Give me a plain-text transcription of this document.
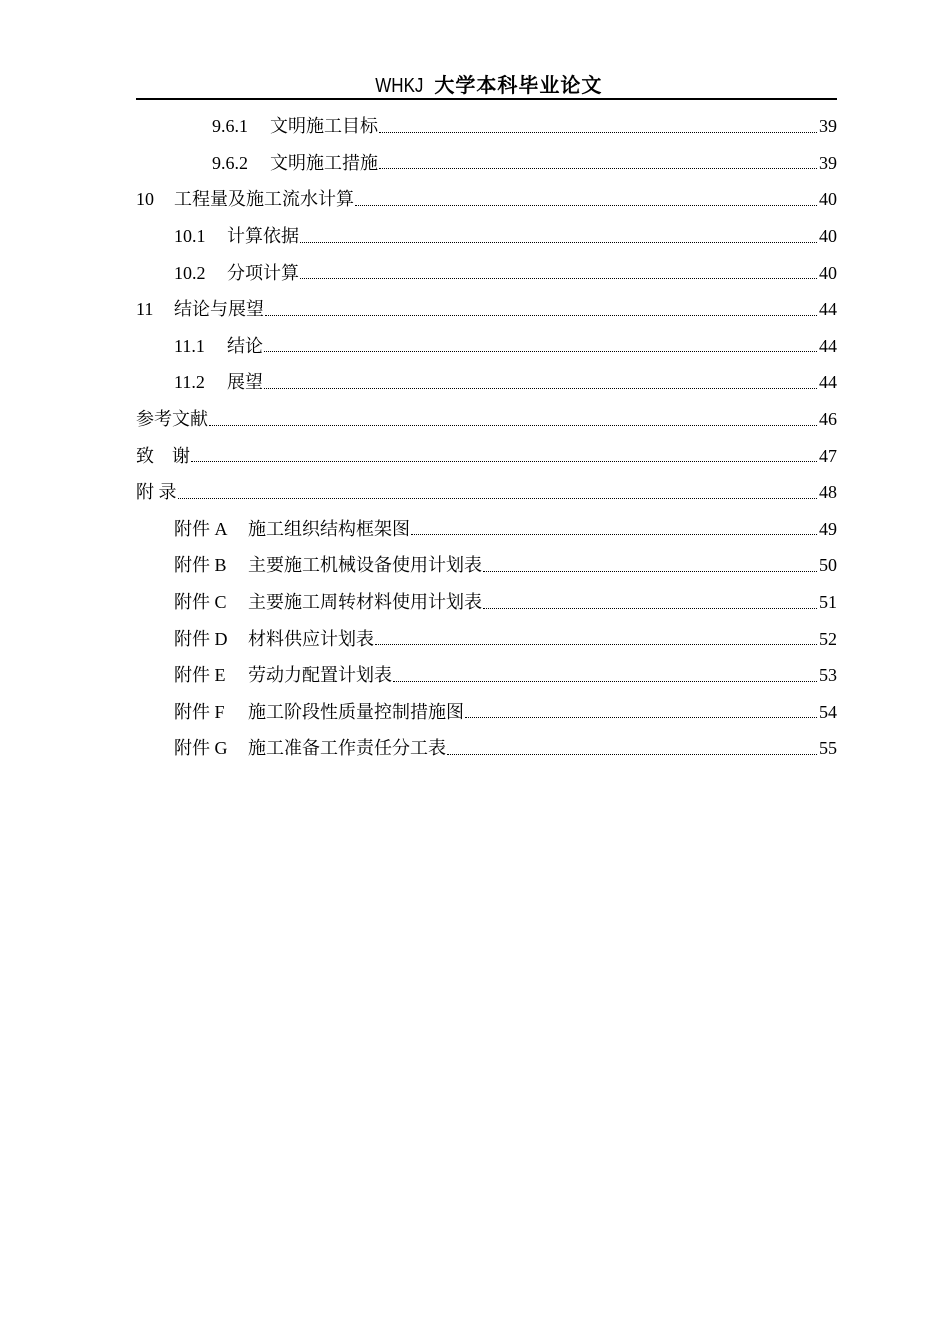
WHKJ 大学本科毕业论文
9.6.1	文明施工目标	39
9.6.2	文明施工措施	39
10	工程量及施工流水计算	40
10.1	计算依据	40
10.2	分项计算	40
11	结论与展望	44
11.1	结论	44
11.2	展望	44
参考文献	46
致　谢	47
附 录	48
附件 A	施工组织结构框架图	49
附件 B	主要施工机械设备使用计划表	50
附件 C	主要施工周转材料使用计划表	51
附件 D	材料供应计划表	52
附件 E	劳动力配置计划表	53
附件 F	施工阶段性质量控制措施图	54
附件 G	施工准备工作责任分工表	55
